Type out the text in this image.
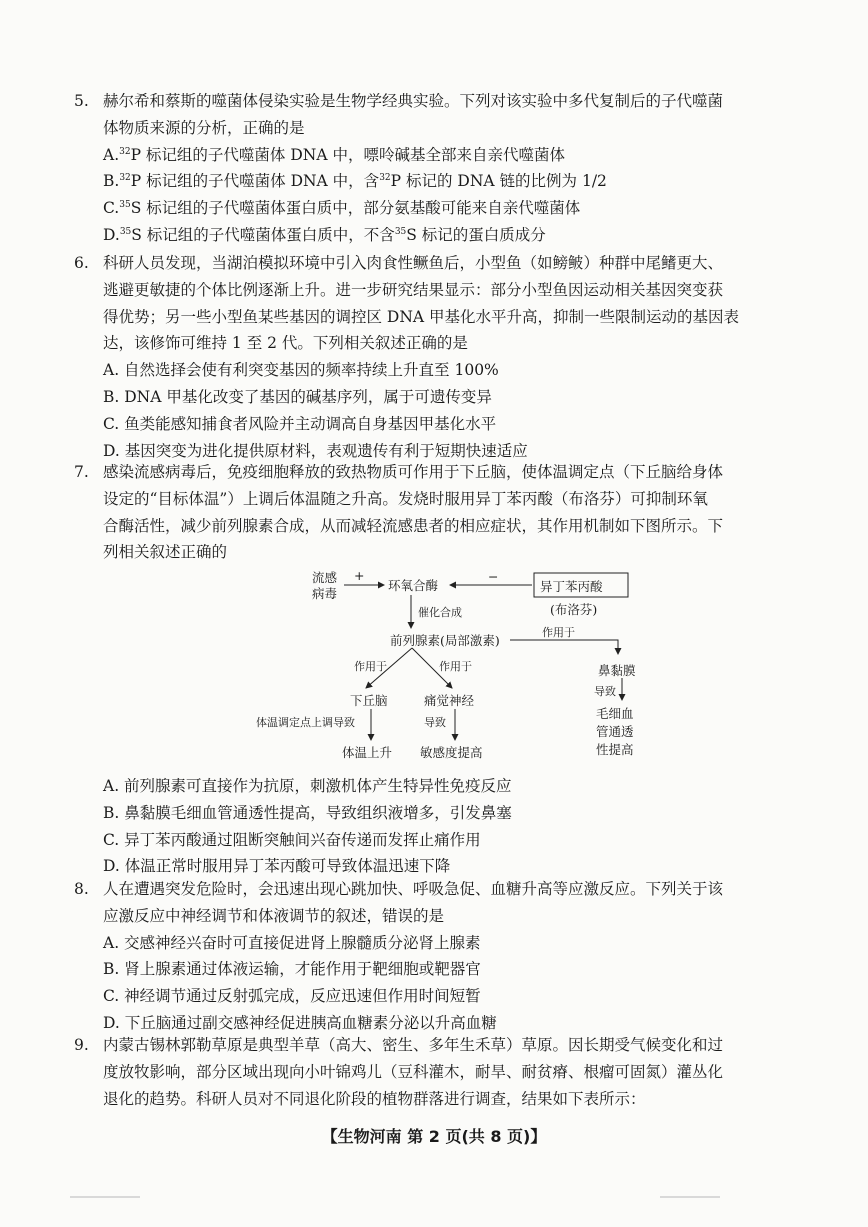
5. 赫尔希和蔡斯的噬菌体侵染实验是生物学经典实验。下列对该实验中多代复制后的子代噬菌
体物质来源的分析，正确的是
A.$^{32}$P 标记组的子代噬菌体 DNA 中，嘌呤碱基全部来自亲代噬菌体
B.$^{32}$P 标记组的子代噬菌体 DNA 中，含$^{32}$P 标记的 DNA 链的比例为 1/2
C.$^{35}$S 标记组的子代噬菌体蛋白质中，部分氨基酸可能来自亲代噬菌体
D.$^{35}$S 标记组的子代噬菌体蛋白质中，不含$^{35}$S 标记的蛋白质成分
6. 科研人员发现，当湖泊模拟环境中引入肉食性鳜鱼后，小型鱼（如鳑鲏）种群中尾鳍更大、
逃避更敏捷的个体比例逐渐上升。进一步研究结果显示：部分小型鱼因运动相关基因突变获
得优势；另一些小型鱼某些基因的调控区 DNA 甲基化水平升高，抑制一些限制运动的基因表
达，该修饰可维持 1 至 2 代。下列相关叙述正确的是
A. 自然选择会使有利突变基因的频率持续上升直至 100%
B. DNA 甲基化改变了基因的碱基序列，属于可遗传变异
C. 鱼类能感知捕食者风险并主动调高自身基因甲基化水平
D. 基因突变为进化提供原材料，表观遗传有利于短期快速适应
7. 感染流感病毒后，免疫细胞释放的致热物质可作用于下丘脑，使体温调定点（下丘脑给身体
设定的“目标体温”）上调后体温随之升高。发烧时服用异丁苯丙酸（布洛芬）可抑制环氧
合酶活性，减少前列腺素合成，从而减轻流感患者的相应症状，其作用机制如下图所示。下
列相关叙述正确的
流感
病毒
+
环氧合酶
−
异丁苯丙酸
(布洛芬)
催化合成
前列腺素(局部激素)
作用于
鼻黏膜
导致
毛细血
管通透
性提高
作用于	作用于
下丘脑	痛觉神经
体温调定点上调导致	导致
体温上升 敏感度提高
A. 前列腺素可直接作为抗原，刺激机体产生特异性免疫反应
B. 鼻黏膜毛细血管通透性提高，导致组织液增多，引发鼻塞
C. 异丁苯丙酸通过阻断突触间兴奋传递而发挥止痛作用
D. 体温正常时服用异丁苯丙酸可导致体温迅速下降
8. 人在遭遇突发危险时，会迅速出现心跳加快、呼吸急促、血糖升高等应激反应。下列关于该
应激反应中神经调节和体液调节的叙述，错误的是
A. 交感神经兴奋时可直接促进肾上腺髓质分泌肾上腺素
B. 肾上腺素通过体液运输，才能作用于靶细胞或靶器官
C. 神经调节通过反射弧完成，反应迅速但作用时间短暂
D. 下丘脑通过副交感神经促进胰高血糖素分泌以升高血糖
9. 内蒙古锡林郭勒草原是典型羊草（高大、密生、多年生禾草）草原。因长期受气候变化和过
度放牧影响，部分区域出现向小叶锦鸡儿（豆科灌木，耐旱、耐贫瘠、根瘤可固氮）灌丛化
退化的趋势。科研人员对不同退化阶段的植物群落进行调查，结果如下表所示：
【生物河南 第 2 页(共 8 页)】
